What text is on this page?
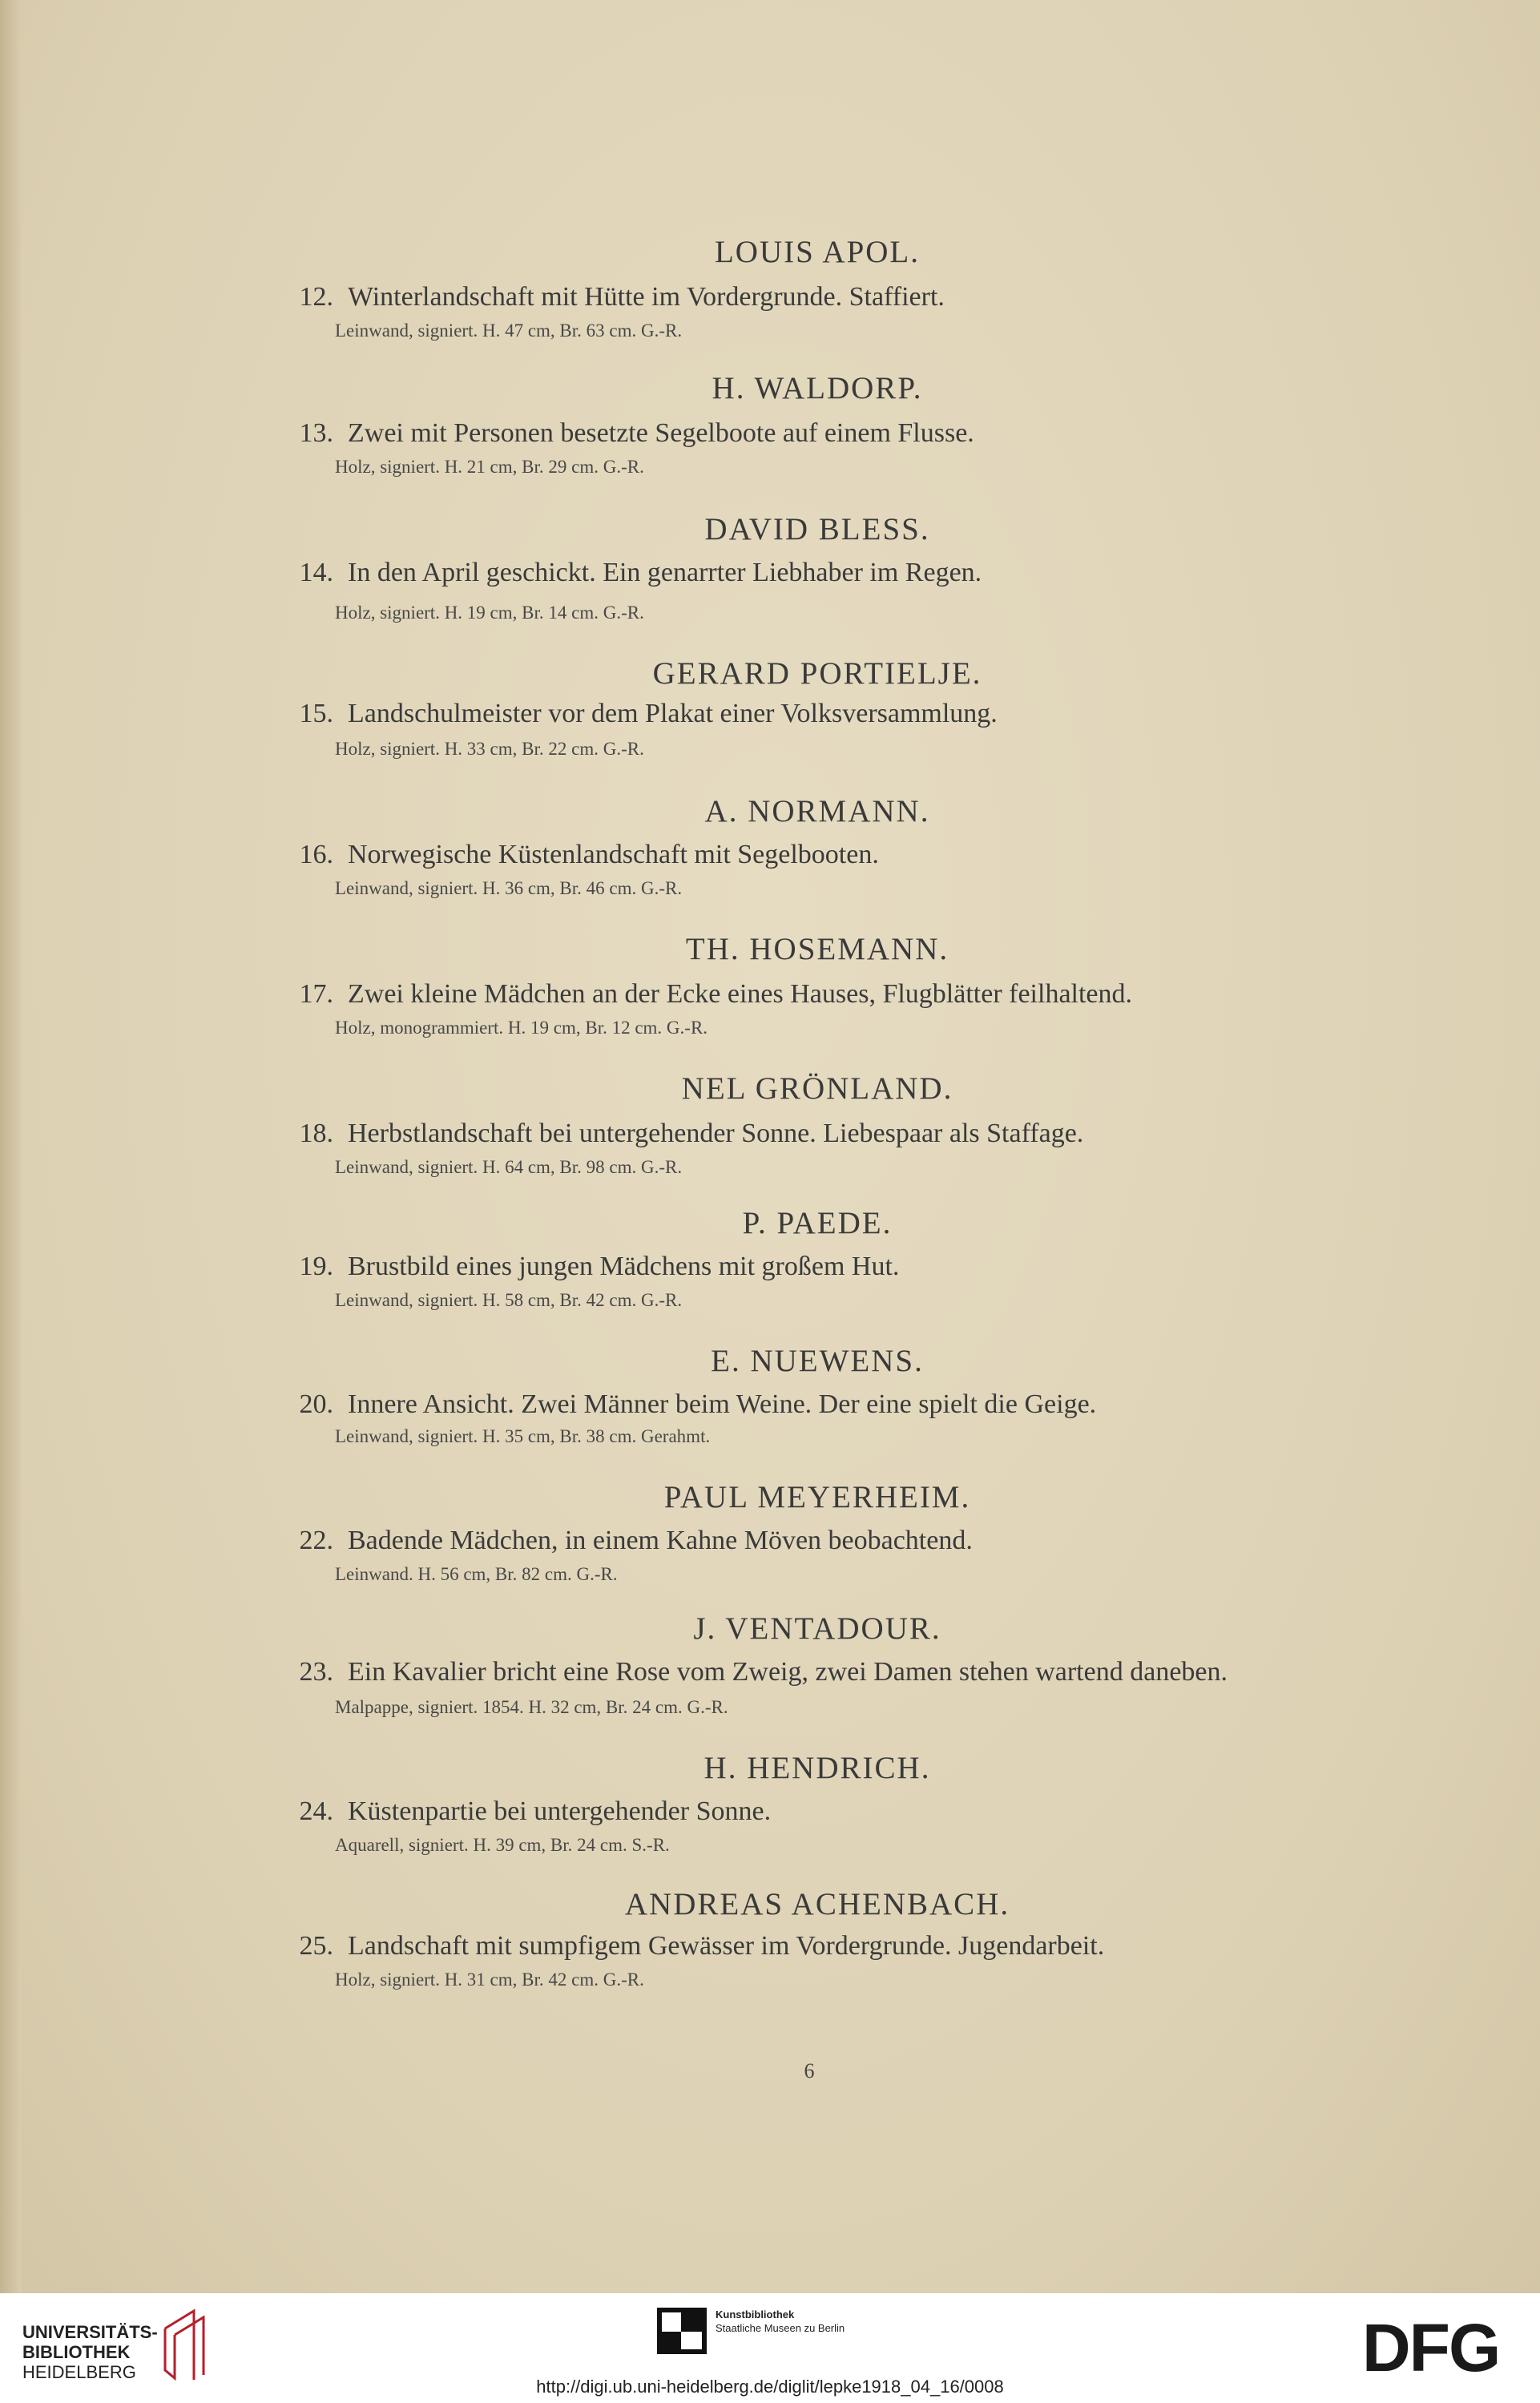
LOUIS APOL.
12. Winterlandschaft mit Hütte im Vordergrunde. Staffiert.
Leinwand, signiert. H. 47 cm, Br. 63 cm. G.-R.
H. WALDORP.
13. Zwei mit Personen besetzte Segelboote auf einem Flusse.
Holz, signiert. H. 21 cm, Br. 29 cm. G.-R.
DAVID BLESS.
14. In den April geschickt. Ein genarrter Liebhaber im Regen.
Holz, signiert. H. 19 cm, Br. 14 cm. G.-R.
GERARD PORTIELJE.
15. Landschulmeister vor dem Plakat einer Volksversammlung.
Holz, signiert. H. 33 cm, Br. 22 cm. G.-R.
A. NORMANN.
16. Norwegische Küstenlandschaft mit Segelbooten.
Leinwand, signiert. H. 36 cm, Br. 46 cm. G.-R.
TH. HOSEMANN.
17. Zwei kleine Mädchen an der Ecke eines Hauses, Flugblätter feilhaltend.
Holz, monogrammiert. H. 19 cm, Br. 12 cm. G.-R.
NEL GRÖNLAND.
18. Herbstlandschaft bei untergehender Sonne. Liebespaar als Staffage.
Leinwand, signiert. H. 64 cm, Br. 98 cm. G.-R.
P. PAEDE.
19. Brustbild eines jungen Mädchens mit großem Hut.
Leinwand, signiert. H. 58 cm, Br. 42 cm. G.-R.
E. NUEWENS.
20. Innere Ansicht. Zwei Männer beim Weine. Der eine spielt die Geige.
Leinwand, signiert. H. 35 cm, Br. 38 cm. Gerahmt.
PAUL MEYERHEIM.
22. Badende Mädchen, in einem Kahne Möven beobachtend.
Leinwand. H. 56 cm, Br. 82 cm. G.-R.
J. VENTADOUR.
23. Ein Kavalier bricht eine Rose vom Zweig, zwei Damen stehen wartend daneben.
Malpappe, signiert. 1854. H. 32 cm, Br. 24 cm. G.-R.
H. HENDRICH.
24. Küstenpartie bei untergehender Sonne.
Aquarell, signiert. H. 39 cm, Br. 24 cm. S.-R.
ANDREAS ACHENBACH.
25. Landschaft mit sumpfigem Gewässer im Vordergrunde. Jugendarbeit.
Holz, signiert. H. 31 cm, Br. 42 cm. G.-R.
6
UNIVERSITÄTS-
BIBLIOTHEK
HEIDELBERG
Kunstbibliothek
Staatliche Museen zu Berlin	DFG
http://digi.ub.uni-heidelberg.de/diglit/lepke1918_04_16/0008
